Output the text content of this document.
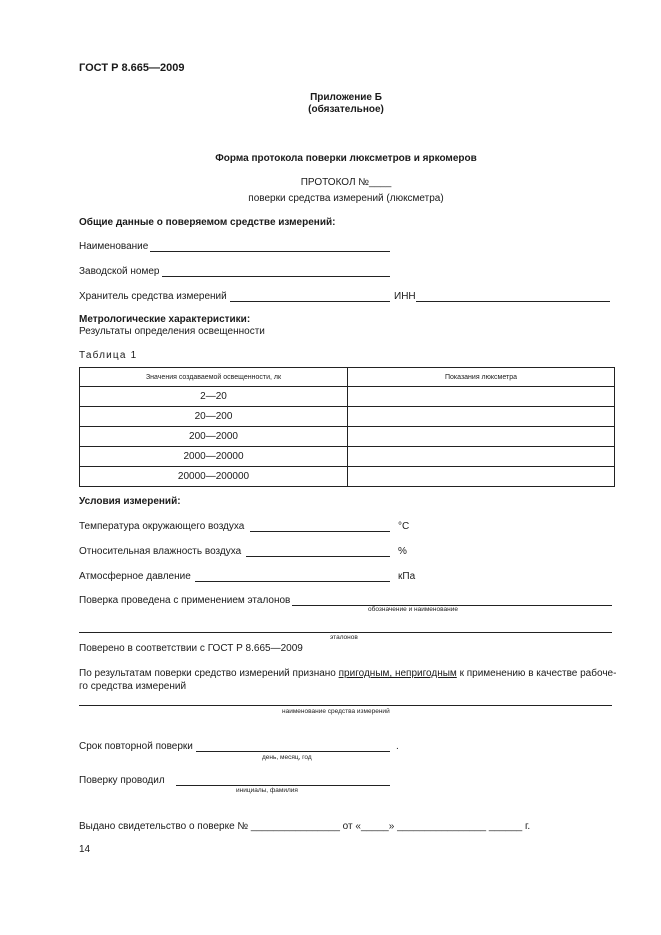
ГОСТ Р 8.665—2009
Приложение Б
(обязательное)
Форма протокола поверки люксметров и яркомеров
ПРОТОКОЛ №____
поверки средства измерений (люксметра)
Общие данные о поверяемом средстве измерений:
Наименование
Заводской номер
Хранитель средства измерений	ИНН
Метрологические характеристики:
Результаты определения освещенности
Таблица 1
Значения создаваемой освещенности, лк	Показания люксметра
2—20	
20—200	
200—2000	
2000—20000	
20000—200000	
Условия измерений:
Температура окружающего воздуха	°С
Относительная влажность воздуха	%
Атмосферное давление	кПа
Поверка проведена с применением эталонов
обозначение и наименование
эталонов
Поверено в соответствии с ГОСТ Р 8.665—2009
По результатам поверки средство измерений признано пригодным, непригодным к применению в качестве рабоче-
го средства измерений
наименование средства измерений
Срок повторной поверки	.
день, месяц, год
Поверку проводил
инициалы, фамилия
Выдано свидетельство о поверке № ________________ от «_____» ________________ ______ г.
14
